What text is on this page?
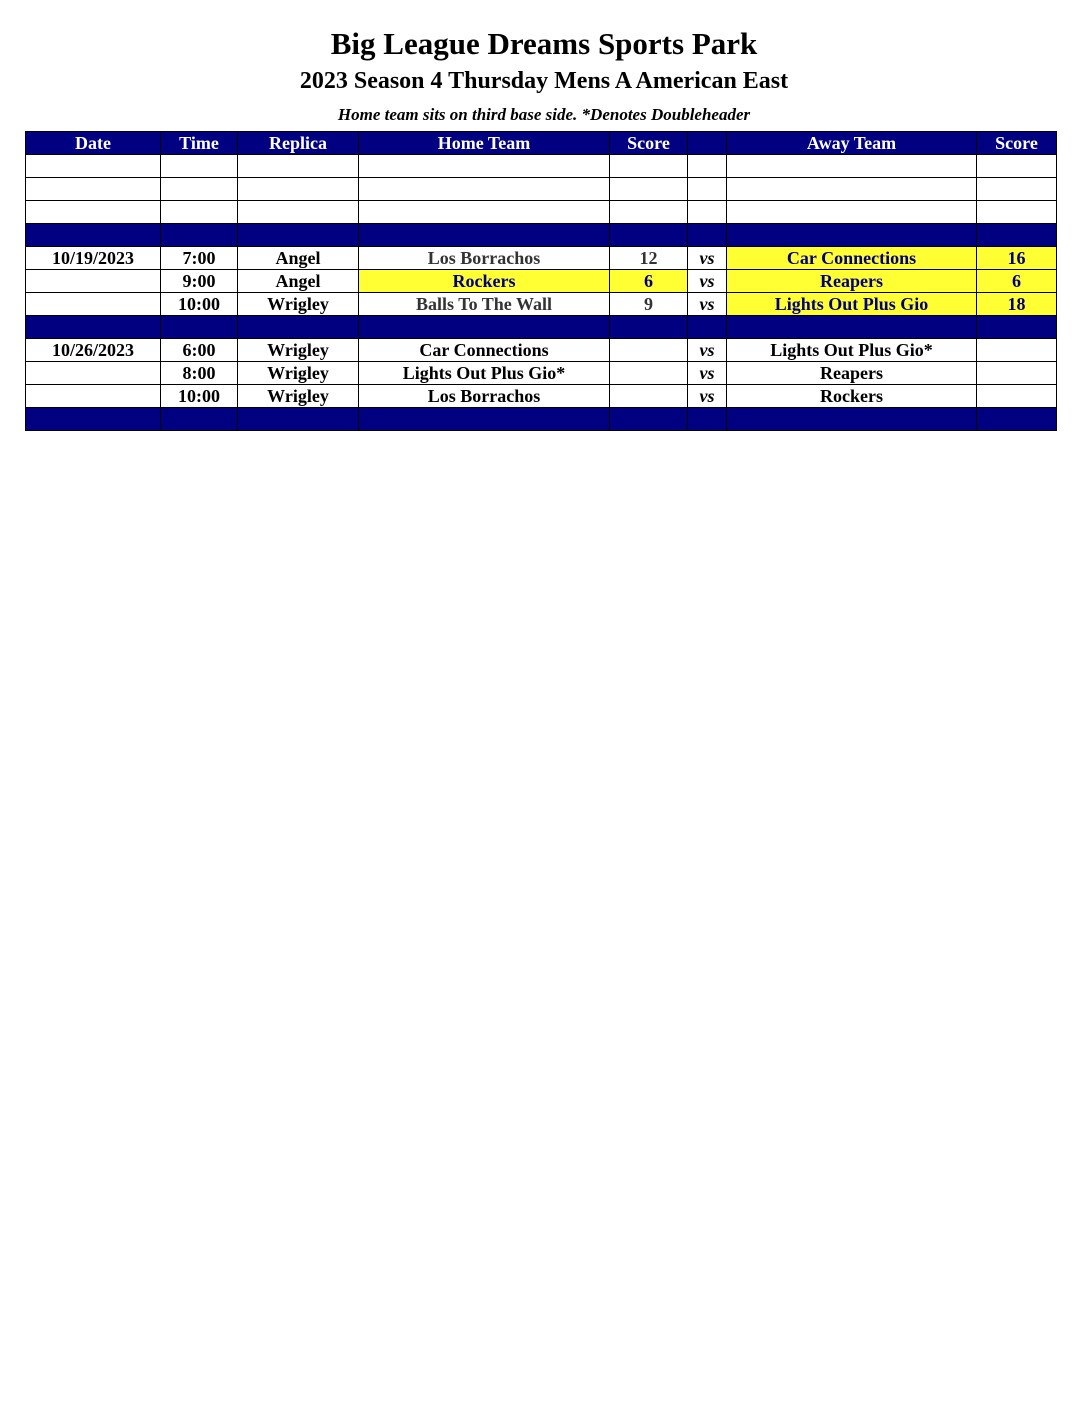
Big League Dreams Sports Park
2023 Season 4 Thursday Mens A American East
Home team sits on third base side. *Denotes Doubleheader
Date	Time	Replica	Home Team	Score		Away Team	Score

10/19/2023	7:00	Angel	Los Borrachos	12	vs	Car Connections	16
	9:00	Angel	Rockers	6	vs	Reapers	6
	10:00	Wrigley	Balls To The Wall	9	vs	Lights Out Plus Gio	18

10/26/2023	6:00	Wrigley	Car Connections		vs	Lights Out Plus Gio*	
	8:00	Wrigley	Lights Out Plus Gio*		vs	Reapers	
	10:00	Wrigley	Los Borrachos		vs	Rockers	
